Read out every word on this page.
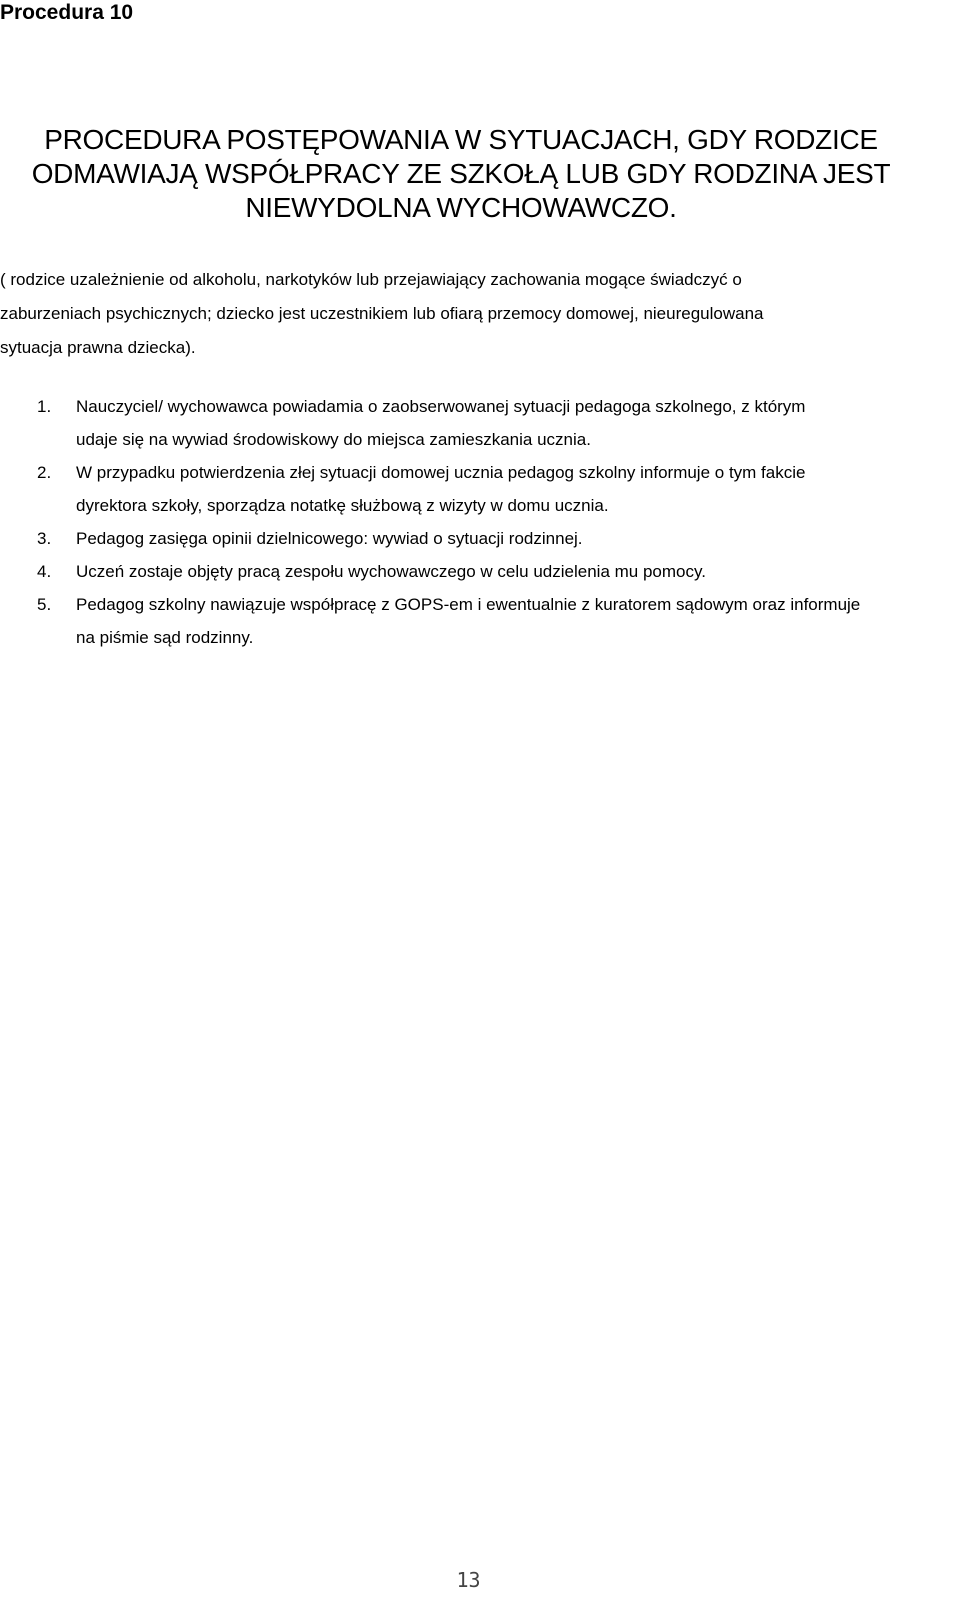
Procedura 10
PROCEDURA POSTĘPOWANIA W SYTUACJACH, GDY RODZICE
ODMAWIAJĄ WSPÓŁPRACY ZE SZKOŁĄ LUB GDY RODZINA JEST
NIEWYDOLNA WYCHOWAWCZO.
( rodzice uzależnienie od alkoholu, narkotyków lub przejawiający zachowania mogące świadczyć o
zaburzeniach psychicznych; dziecko jest uczestnikiem lub ofiarą przemocy domowej, nieuregulowana
sytuacja prawna dziecka).
1. Nauczyciel/ wychowawca powiadamia o zaobserwowanej sytuacji pedagoga szkolnego, z którym
udaje się na wywiad środowiskowy do miejsca zamieszkania ucznia.
2. W przypadku potwierdzenia złej sytuacji domowej ucznia pedagog szkolny informuje o tym fakcie
dyrektora szkoły, sporządza notatkę służbową z wizyty w domu ucznia.
3. Pedagog zasięga opinii dzielnicowego: wywiad o sytuacji rodzinnej.
4. Uczeń zostaje objęty pracą zespołu wychowawczego w celu udzielenia mu pomocy.
5. Pedagog szkolny nawiązuje współpracę z GOPS-em i ewentualnie z kuratorem sądowym oraz informuje
na piśmie sąd rodzinny.
13
